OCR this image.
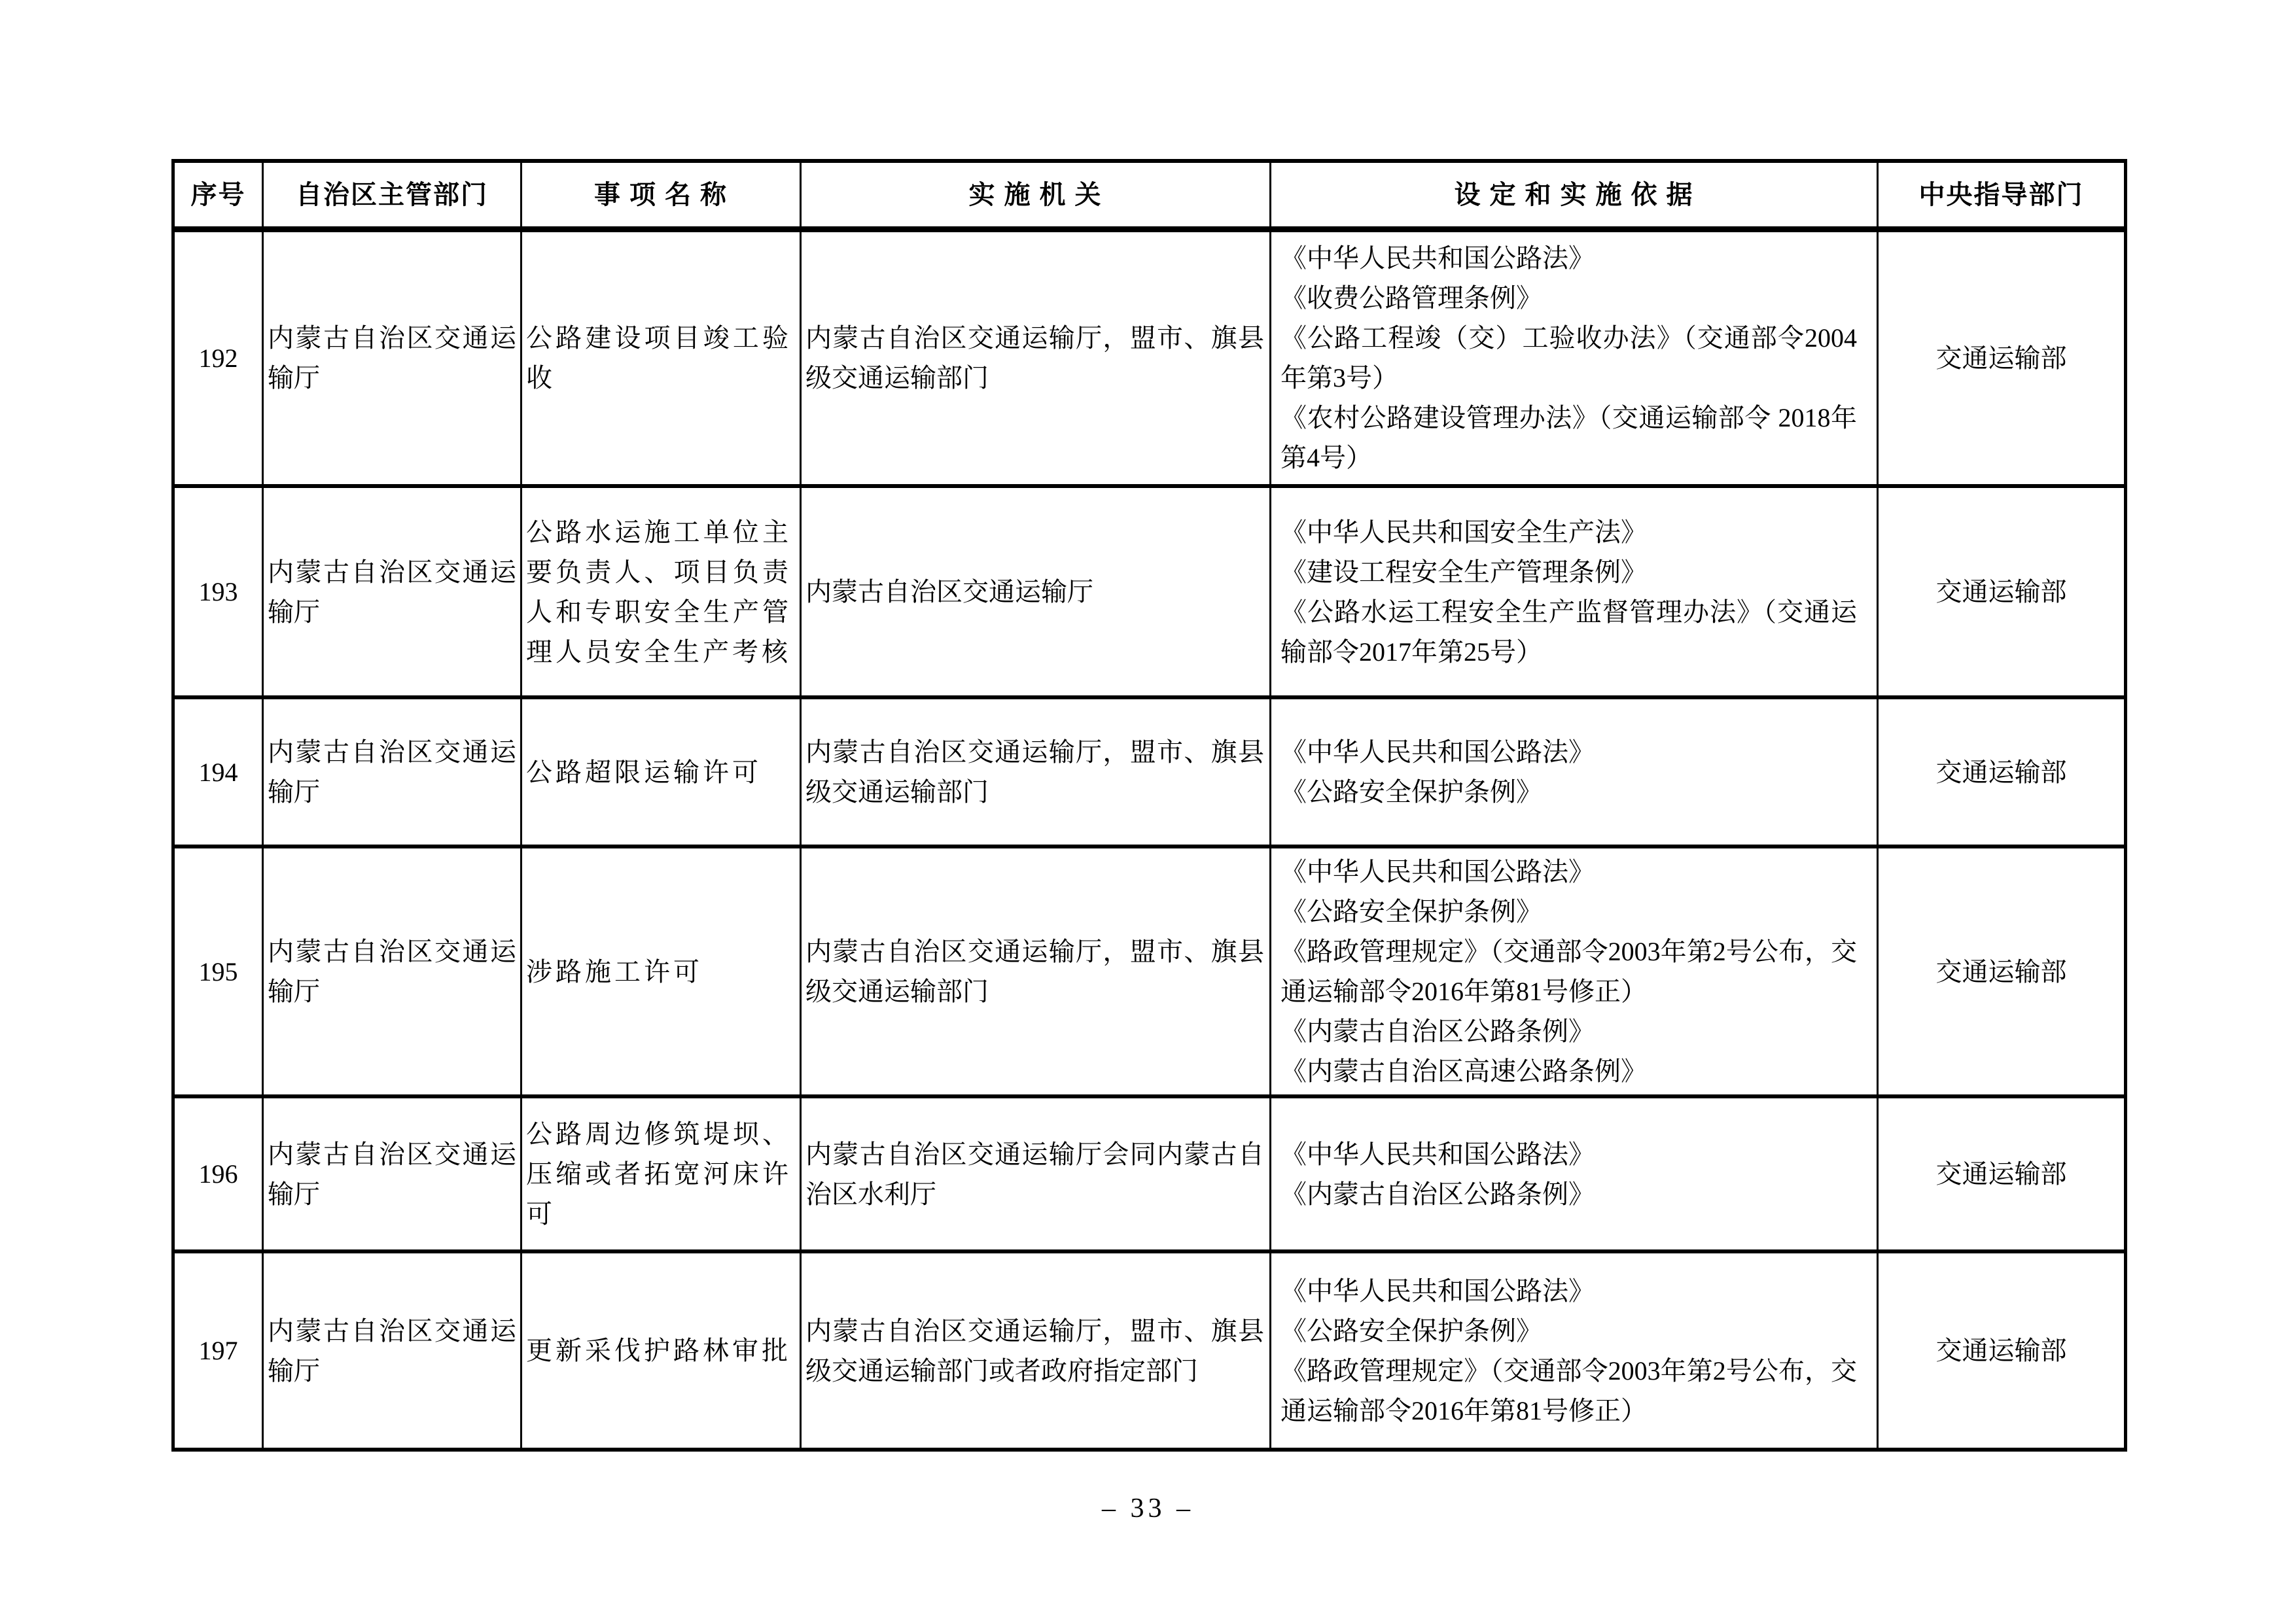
序号	自治区主管部门	事 项 名 称	实 施 机 关	设 定 和 实 施 依 据	中央指导部门
192	内蒙古自治区交通运输厅	公路建设项目竣工验收	内蒙古自治区交通运输厅，盟市、旗县级交通运输部门	《中华人民共和国公路法》
《收费公路管理条例》
《公路工程竣（交）工验收办法》（交通部令2004年第3号）
《农村公路建设管理办法》（交通运输部令 2018年第4号）	交通运输部
193	内蒙古自治区交通运输厅	公路水运施工单位主要负责人、项目负责人和专职安全生产管理人员安全生产考核	内蒙古自治区交通运输厅	《中华人民共和国安全生产法》
《建设工程安全生产管理条例》
《公路水运工程安全生产监督管理办法》（交通运输部令2017年第25号）	交通运输部
194	内蒙古自治区交通运输厅	公路超限运输许可	内蒙古自治区交通运输厅，盟市、旗县级交通运输部门	《中华人民共和国公路法》
《公路安全保护条例》	交通运输部
195	内蒙古自治区交通运输厅	涉路施工许可	内蒙古自治区交通运输厅，盟市、旗县级交通运输部门	《中华人民共和国公路法》
《公路安全保护条例》
《路政管理规定》（交通部令2003年第2号公布，交通运输部令2016年第81号修正）
《内蒙古自治区公路条例》
《内蒙古自治区高速公路条例》	交通运输部
196	内蒙古自治区交通运输厅	公路周边修筑堤坝、压缩或者拓宽河床许可	内蒙古自治区交通运输厅会同内蒙古自治区水利厅	《中华人民共和国公路法》
《内蒙古自治区公路条例》	交通运输部
197	内蒙古自治区交通运输厅	更新采伐护路林审批	内蒙古自治区交通运输厅，盟市、旗县级交通运输部门或者政府指定部门	《中华人民共和国公路法》
《公路安全保护条例》
《路政管理规定》（交通部令2003年第2号公布，交通运输部令2016年第81号修正）	交通运输部
– 33 –
